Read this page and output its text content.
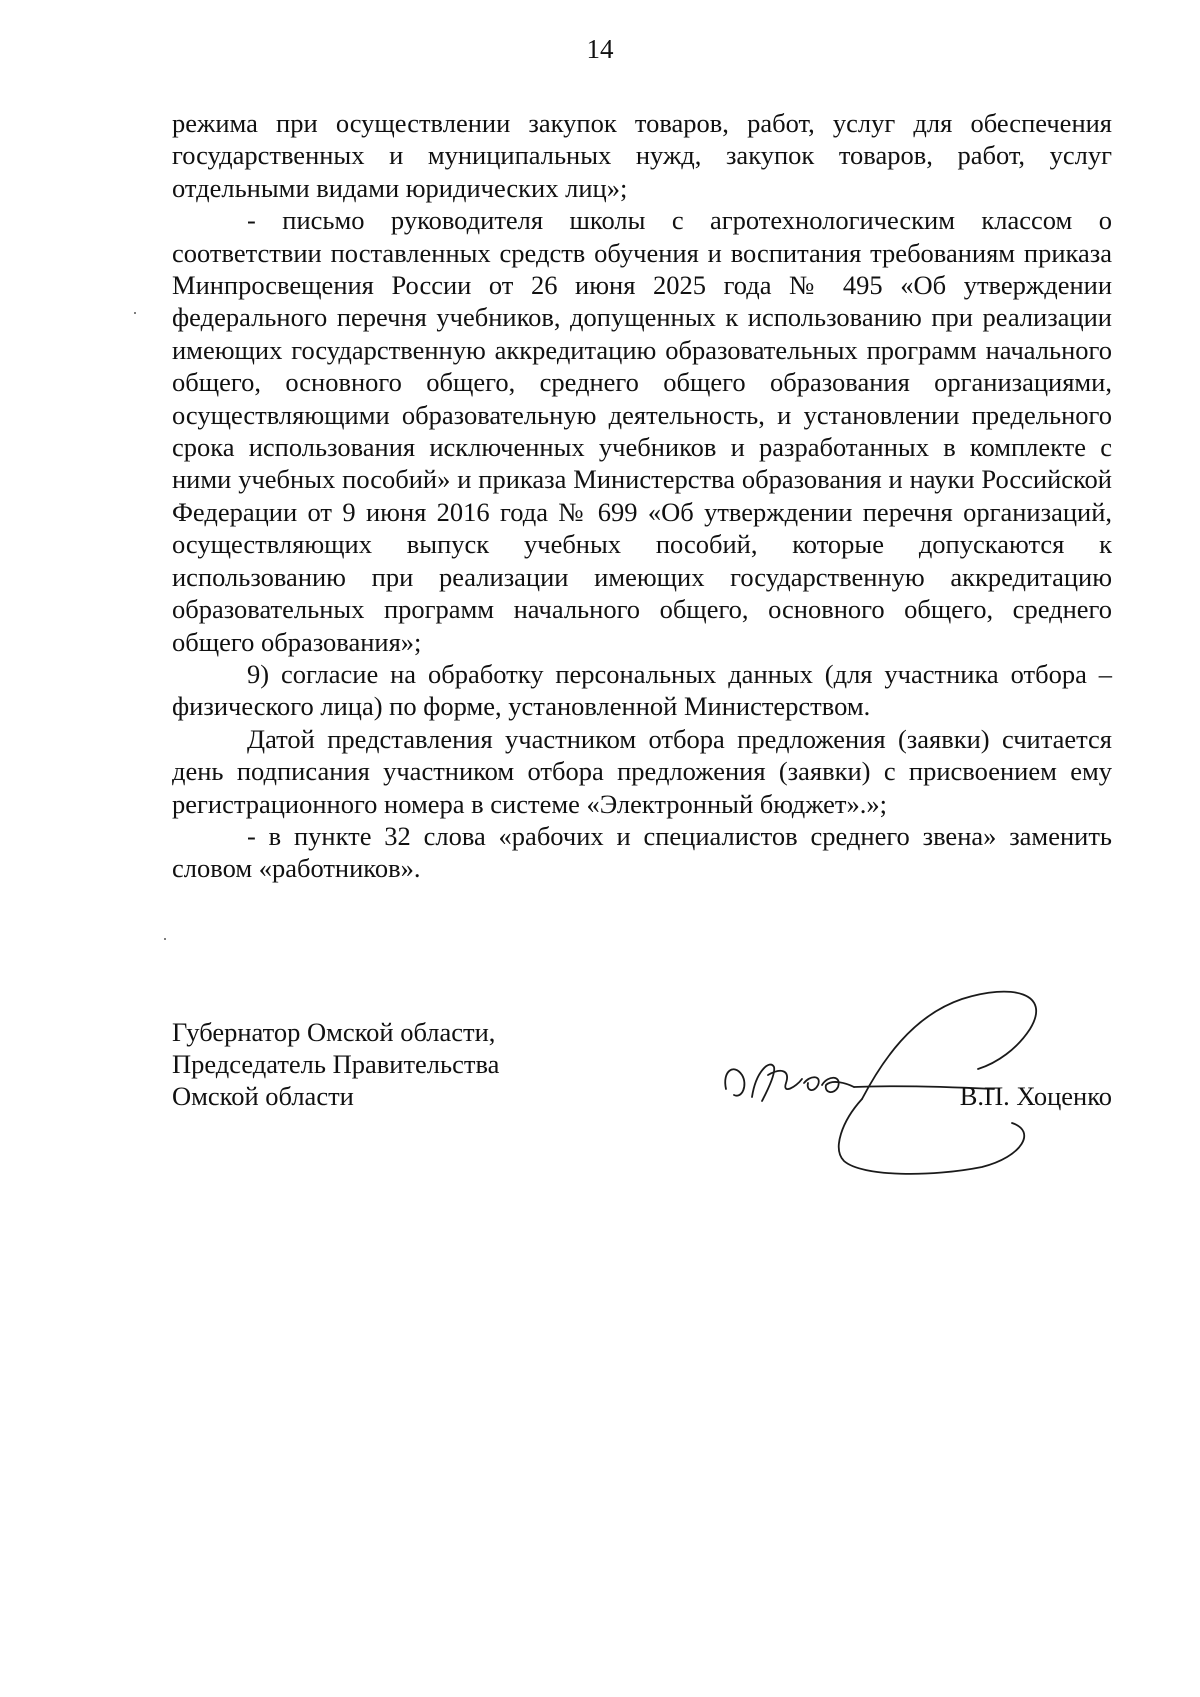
14

режима при осуществлении закупок товаров, работ, услуг для обеспечения государственных и муниципальных нужд, закупок товаров, работ, услуг отдельными видами юридических лиц»;

- письмо руководителя школы с агротехнологическим классом о соответствии поставленных средств обучения и воспитания требованиям приказа Минпросвещения России от 26 июня 2025 года № 495 «Об утверждении федерального перечня учебников, допущенных к использованию при реализации имеющих государственную аккредитацию образовательных программ начального общего, основного общего, среднего общего образования организациями, осуществляющими образовательную деятельность, и установлении предельного срока использования исключенных учебников и разработанных в комплекте с ними учебных пособий» и приказа Министерства образования и науки Российской Федерации от 9 июня 2016 года № 699 «Об утверждении перечня организаций, осуществляющих выпуск учебных пособий, которые допускаются к использованию при реализации имеющих государственную аккредитацию образовательных программ начального общего, основного общего, среднего общего образования»;

9) согласие на обработку персональных данных (для участника отбора – физического лица) по форме, установленной Министерством.

Датой представления участником отбора предложения (заявки) считается день подписания участником отбора предложения (заявки) с присвоением ему регистрационного номера в системе «Электронный бюджет».»;

- в пункте 32 слова «рабочих и специалистов среднего звена» заменить словом «работников».

Губернатор Омской области,
Председатель Правительства
Омской области	В.П. Хоценко
